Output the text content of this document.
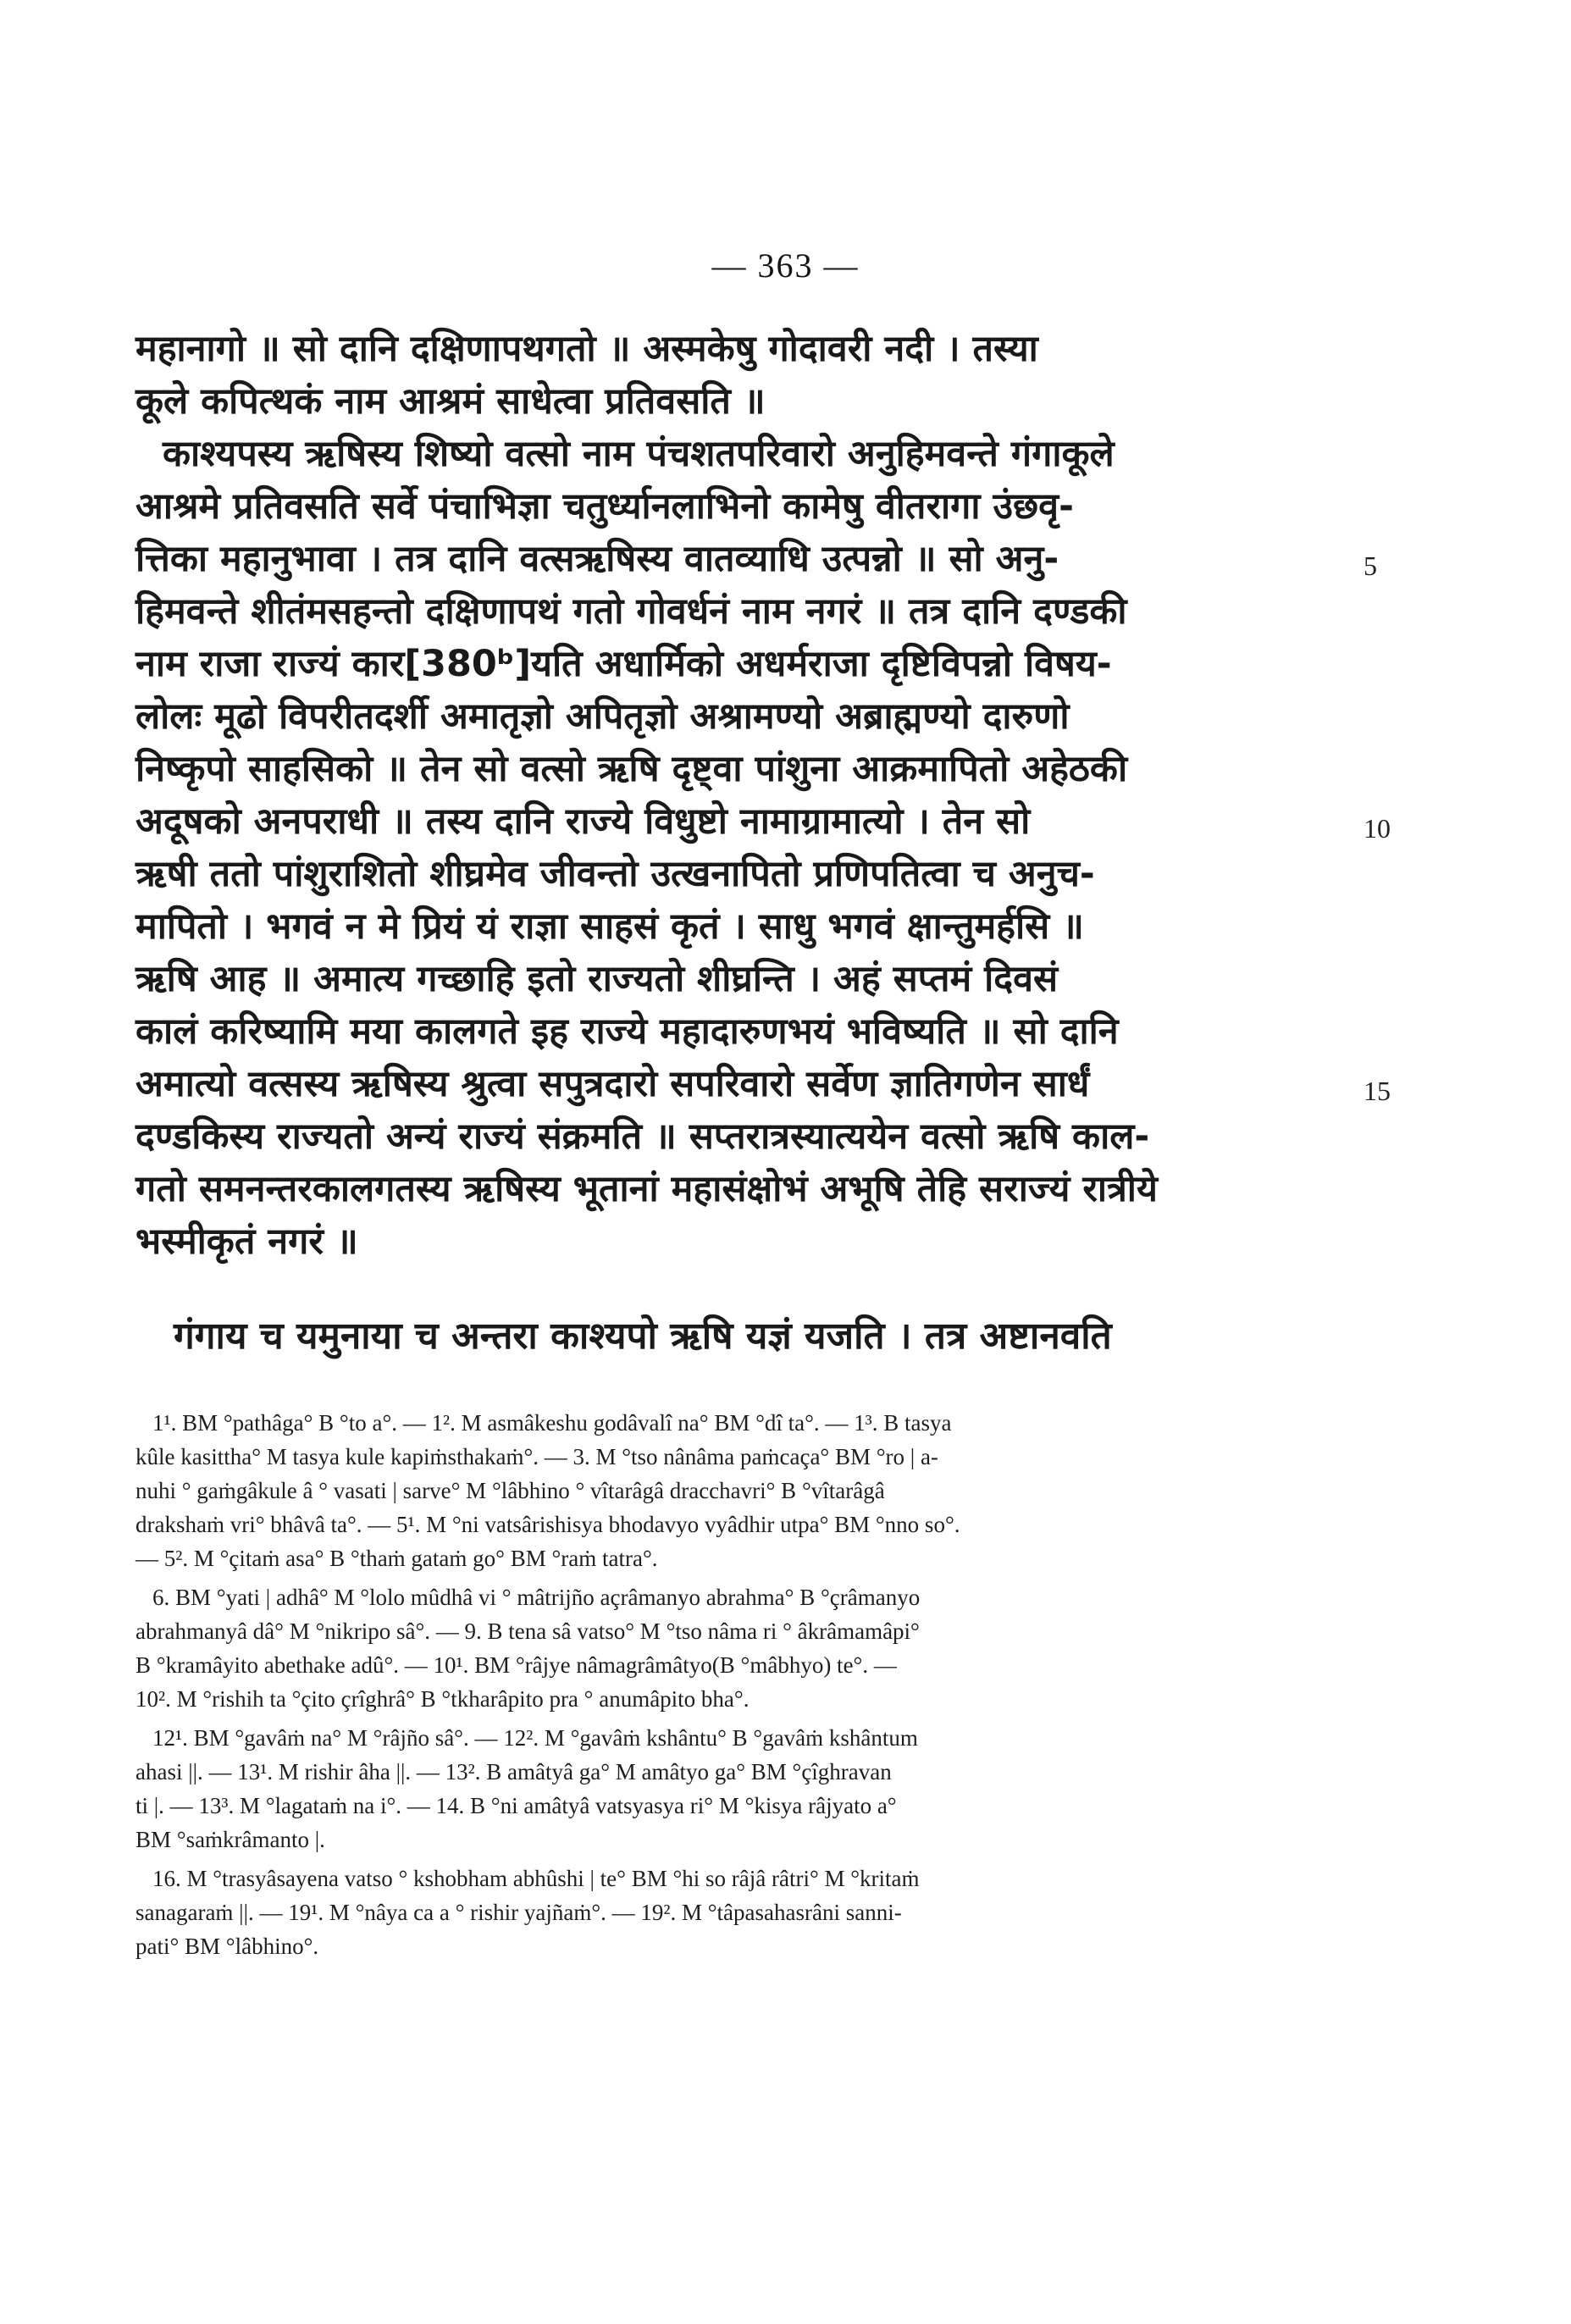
— 363 —
महानागो ॥ सो दानि दक्षिणापथगतो ॥ अस्मकेषु गोदावरी नदी । तस्या
कूले कपित्थकं नाम आश्रमं साधेत्वा प्रतिवसति ॥
काश्यपस्य ऋषिस्य शिष्यो वत्सो नाम पंचशतपरिवारो अनुहिमवन्ते गंगाकूले
आश्रमे प्रतिवसति सर्वे पंचाभिज्ञा चतुर्ध्यानलाभिनो कामेषु वीतरागा उंछवृ-
त्तिका महानुभावा । तत्र दानि वत्सऋषिस्य वातव्याधि उत्पन्नो ॥ सो अनु-
हिमवन्ते शीतंमसहन्तो दक्षिणापथं गतो गोवर्धनं नाम नगरं ॥ तत्र दानि दण्डकी
नाम राजा राज्यं कार[380ᵇ]यति अधार्मिको अधर्मराजा दृष्टिविपन्नो विषय-
लोलः मूढो विपरीतदर्शी अमातृज्ञो अपितृज्ञो अश्रामण्यो अब्राह्मण्यो दारुणो
निष्कृपो साहसिको ॥ तेन सो वत्सो ऋषि दृष्ट्वा पांशुना आक्रमापितो अहेठकी
अदूषको अनपराधी ॥ तस्य दानि राज्ये विधुष्टो नामाग्रामात्यो । तेन सो
ऋषी ततो पांशुराशितो शीघ्रमेव जीवन्तो उत्खनापितो प्रणिपतित्वा च अनुच-
मापितो । भगवं न मे प्रियं यं राज्ञा साहसं कृतं । साधु भगवं क्षान्तुमर्हसि ॥
ऋषि आह ॥ अमात्य गच्छाहि इतो राज्यतो शीघ्रन्ति । अहं सप्तमं दिवसं
कालं करिष्यामि मया कालगते इह राज्ये महादारुणभयं भविष्यति ॥ सो दानि
अमात्यो वत्सस्य ऋषिस्य श्रुत्वा सपुत्रदारो सपरिवारो सर्वेण ज्ञातिगणेन सार्धं
दण्डकिस्य राज्यतो अन्यं राज्यं संक्रमति ॥ सप्तरात्रस्यात्ययेन वत्सो ऋषि काल-
गतो समनन्तरकालगतस्य ऋषिस्य भूतानां महासंक्षोभं अभूषि तेहि सराज्यं रात्रीये
भस्मीकृतं नगरं ॥
5
10
15
गंगाय च यमुनाया च अन्तरा काश्यपो ऋषि यज्ञं यजति । तत्र अष्टानवति
1¹. BM °pathâga° B °to a°. — 1². M asmâkeshu godâvalî na° BM °dî ta°. — 1³. B tasya
kûle kasittha° M tasya kule kapiṁsthakaṁ°. — 3. M °tso nânâma paṁcaça° BM °ro | a-
nuhi ° gaṁgâkule â ° vasati | sarve° M °lâbhino ° vîtarâgâ dracchavri° B °vîtarâgâ
drakshaṁ vri° bhâvâ ta°. — 5¹. M °ni vatsârishisya bhodavyo vyâdhir utpa° BM °nno so°.
— 5². M °çitaṁ asa° B °thaṁ gataṁ go° BM °raṁ tatra°.
6. BM °yati | adhâ° M °lolo mûdhâ vi ° mâtrijño açrâmanyo abrahma° B °çrâmanyo
abrahmanyâ dâ° M °nikripo sâ°. — 9. B tena sâ vatso° M °tso nâma ri ° âkrâmamâpi°
B °kramâyito abethake adû°. — 10¹. BM °râjye nâmagrâmâtyo(B °mâbhyo) te°. —
10². M °rishih ta °çito çrîghrâ° B °tkharâpito pra ° anumâpito bha°.
12¹. BM °gavâṁ na° M °râjño sâ°. — 12². M °gavâṁ kshântu° B °gavâṁ kshântum
ahasi ||. — 13¹. M rishir âha ||. — 13². B amâtyâ ga° M amâtyo ga° BM °çîghravan
ti |. — 13³. M °lagataṁ na i°. — 14. B °ni amâtyâ vatsyasya ri° M °kisya râjyato a°
BM °saṁkrâmanto |.
16. M °trasyâsayena vatso ° kshobham abhûshi | te° BM °hi so râjâ râtri° M °kritaṁ
sanagaraṁ ||. — 19¹. M °nâya ca a ° rishir yajñaṁ°. — 19². M °tâpasahasrâni sanni-
pati° BM °lâbhino°.
